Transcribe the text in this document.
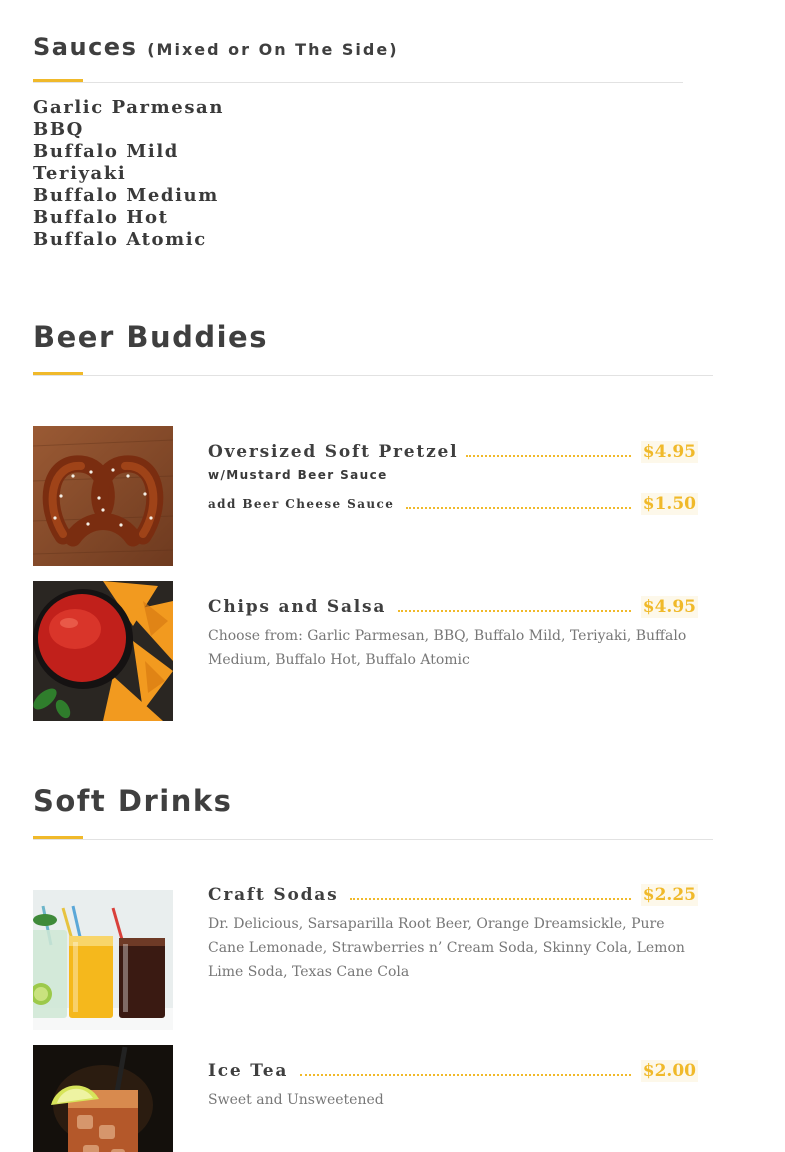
Sauces (Mixed or On The Side)
Garlic Parmesan
BBQ
Buffalo Mild
Teriyaki
Buffalo Medium
Buffalo Hot
Buffalo Atomic
Beer Buddies
Oversized Soft Pretzel	$4.95
w/Mustard Beer Sauce
add Beer Cheese Sauce	$1.50
Chips and Salsa	$4.95

Choose from: Garlic Parmesan, BBQ, Buffalo Mild, Teriyaki, Buffalo Medium, Buffalo Hot, Buffalo Atomic

Soft Drinks
Craft Sodas	$2.25

Dr. Delicious, Sarsaparilla Root Beer, Orange Dreamsickle, Pure Cane Lemonade, Strawberries n’ Cream Soda, Skinny Cola, Lemon Lime Soda, Texas Cane Cola

Ice Tea	$2.00

Sweet and Unsweetened
